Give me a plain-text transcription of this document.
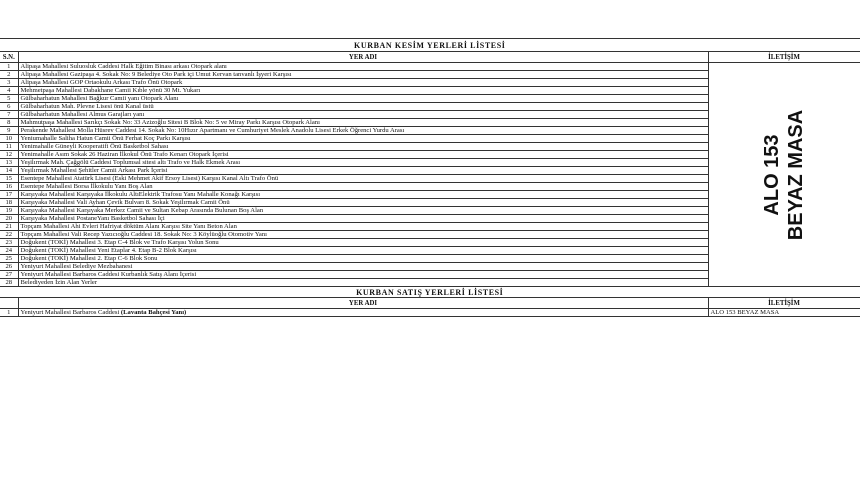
KURBAN KESİM YERLERİ LİSTESİ		
S.N.	YER ADI	İLETİŞİM
1	Alipaşa Mahallesi Suluosluk Caddesi Halk Eğitim Binası arkası Otopark alanı	ALO 153 BEYAZ MASA

2	Alipaşa Mahallesi Gazipaşa 4. Sokak No: 9 Belediye Oto Park içi Umut Kervan tanvanlı İşyeri Karşısı	
3	Alipaşa Mahallesi GOP Ortaokulu Arkası Trafo Önü Otopark	
4	Mehmetpaşa Mahallesi Dabakhane Camii Kıble yönü 30 Mt. Yukarı	
5	Gülbaharhatun Mahallesi Bağkur Camii yanı Otopark Alanı	
6	Gülbaharhatun Mah. Plevne Lisesi önü Kanal üstü	
7	Gülbaharhatun Mahallesi Almus Garajları yanı	
8	Mahmutpaşa Mahallesi Sarıkçı Sokak No: 33 Azizoğlu Sitesi B Blok No: 5 ve Miray Parkı Karşısı Otopark Alanı	
9	Perakende Mahallesi Molla Hüsrev Caddesi 14. Sokak No: 10Hızır Apartmanı ve Cumhuriyet Meslek Anadolu Lisesi Erkek Öğrenci Yurdu Arası	
10	Yeniumahalle Saliha Hatun Camii Önü Ferhat Koç Parkı Karşısı	
11	Yenimahalle Güneyli Kooperatifi Önü Basketbol Sahası	
12	Yenimahalle Asım Sokak 26 Haziran İlkokul Önü Trafo Kenarı Otopark İçerisi	
13	Yeşilırmak Mah. Çağgölü Caddesi Toplumsal sitesi altı Trafo ve Halk Ekmek Arası	
14	Yeşilırmak Mahallesi Şehitler Camii Arkası Park İçerisi	
15	Esentepe Mahallesi Atatürk Lisesi (Eski Mehmet Akif Ersoy Lisesi) Karşısı Kanal Altı Trafo Önü	
16	Esentepe Mahallesi Borsa İlkokulu Yanı Boş Alan	
17	Karşıyaka Mahallesi Karşıyaka İlkokulu AltıElektrik Trafosu Yanı Mahalle Konağı Karşısı	
18	Karşıyaka Mahallesi Vali Ayhan Çevik Bulvarı 8. Sokak Yeşilırmak Camii Önü	
19	Karşıyaka Mahallesi Karşıyaka Merkez Camii ve Sultan Kebap Arasında Bulunan Boş Alan	
20	Karşıyaka Mahallesi PostaneYanı Basketbol Sahası İçi	
21	Topçam Mahallesi Ahi Evleri Hafriyat döktüm Alanı Karşısı Site Yanı Beton Alan	
22	Topçam Mahallesi Vali Recep Yazıcıoğlu Caddesi 18. Sokak No: 3 Köylüoğlu Otomotiv Yanı	
23	Doğukent (TOKİ) Mahallesi 3. Etap C-4 Blok ve Trafo Karşısı Yolun Sonu	
24	Doğukent (TOKİ) Mahallesi Yeni Etaplar 4. Etap B-2 Blok Karşısı	
25	Doğukent (TOKİ) Mahallesi 2. Etap C-6 Blok Sonu	
26	Yeniyurt Mahallesi Belediye Mezbahanesi	
27	Yeniyurt Mahallesi Barbaros Caddesi Kurbanlık Satış Alanı İçerisi	
28	Belediyeden İzin Alan Yerler	
KURBAN SATIŞ YERLERİ LİSTESİ		
	YER ADI	İLETİŞİM
1	Yeniyurt Mahallesi Barbaros Caddesi (Lavanta Bahçesi Yanı)	ALO 153 BEYAZ MASA
